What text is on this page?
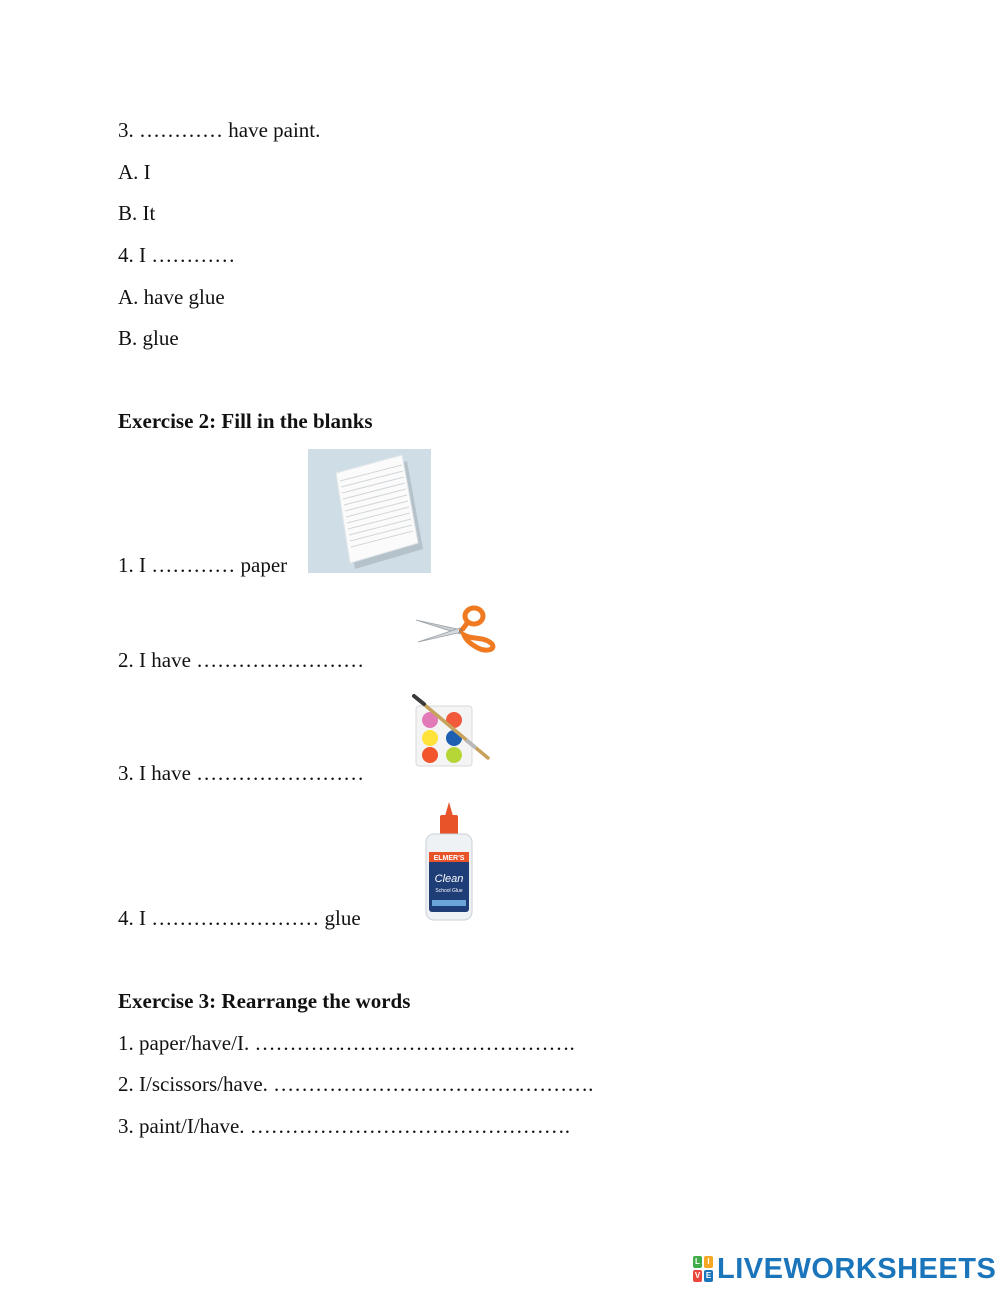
3. ………… have paint.
A. I
B. It
4. I …………
A. have glue
B. glue
Exercise 2: Fill in the blanks
1. I ………… paper
2. I have ……………………
3. I have ……………………
4. I …………………… glue
ELMER'S
Clean
School Glue
Exercise 3: Rearrange the words
1. paper/have/I. ……………………………………….
2. I/scissors/have. ……………………………………….
3. paint/I/have. ……………………………………….
L I
V E LIVEWORKSHEETS
